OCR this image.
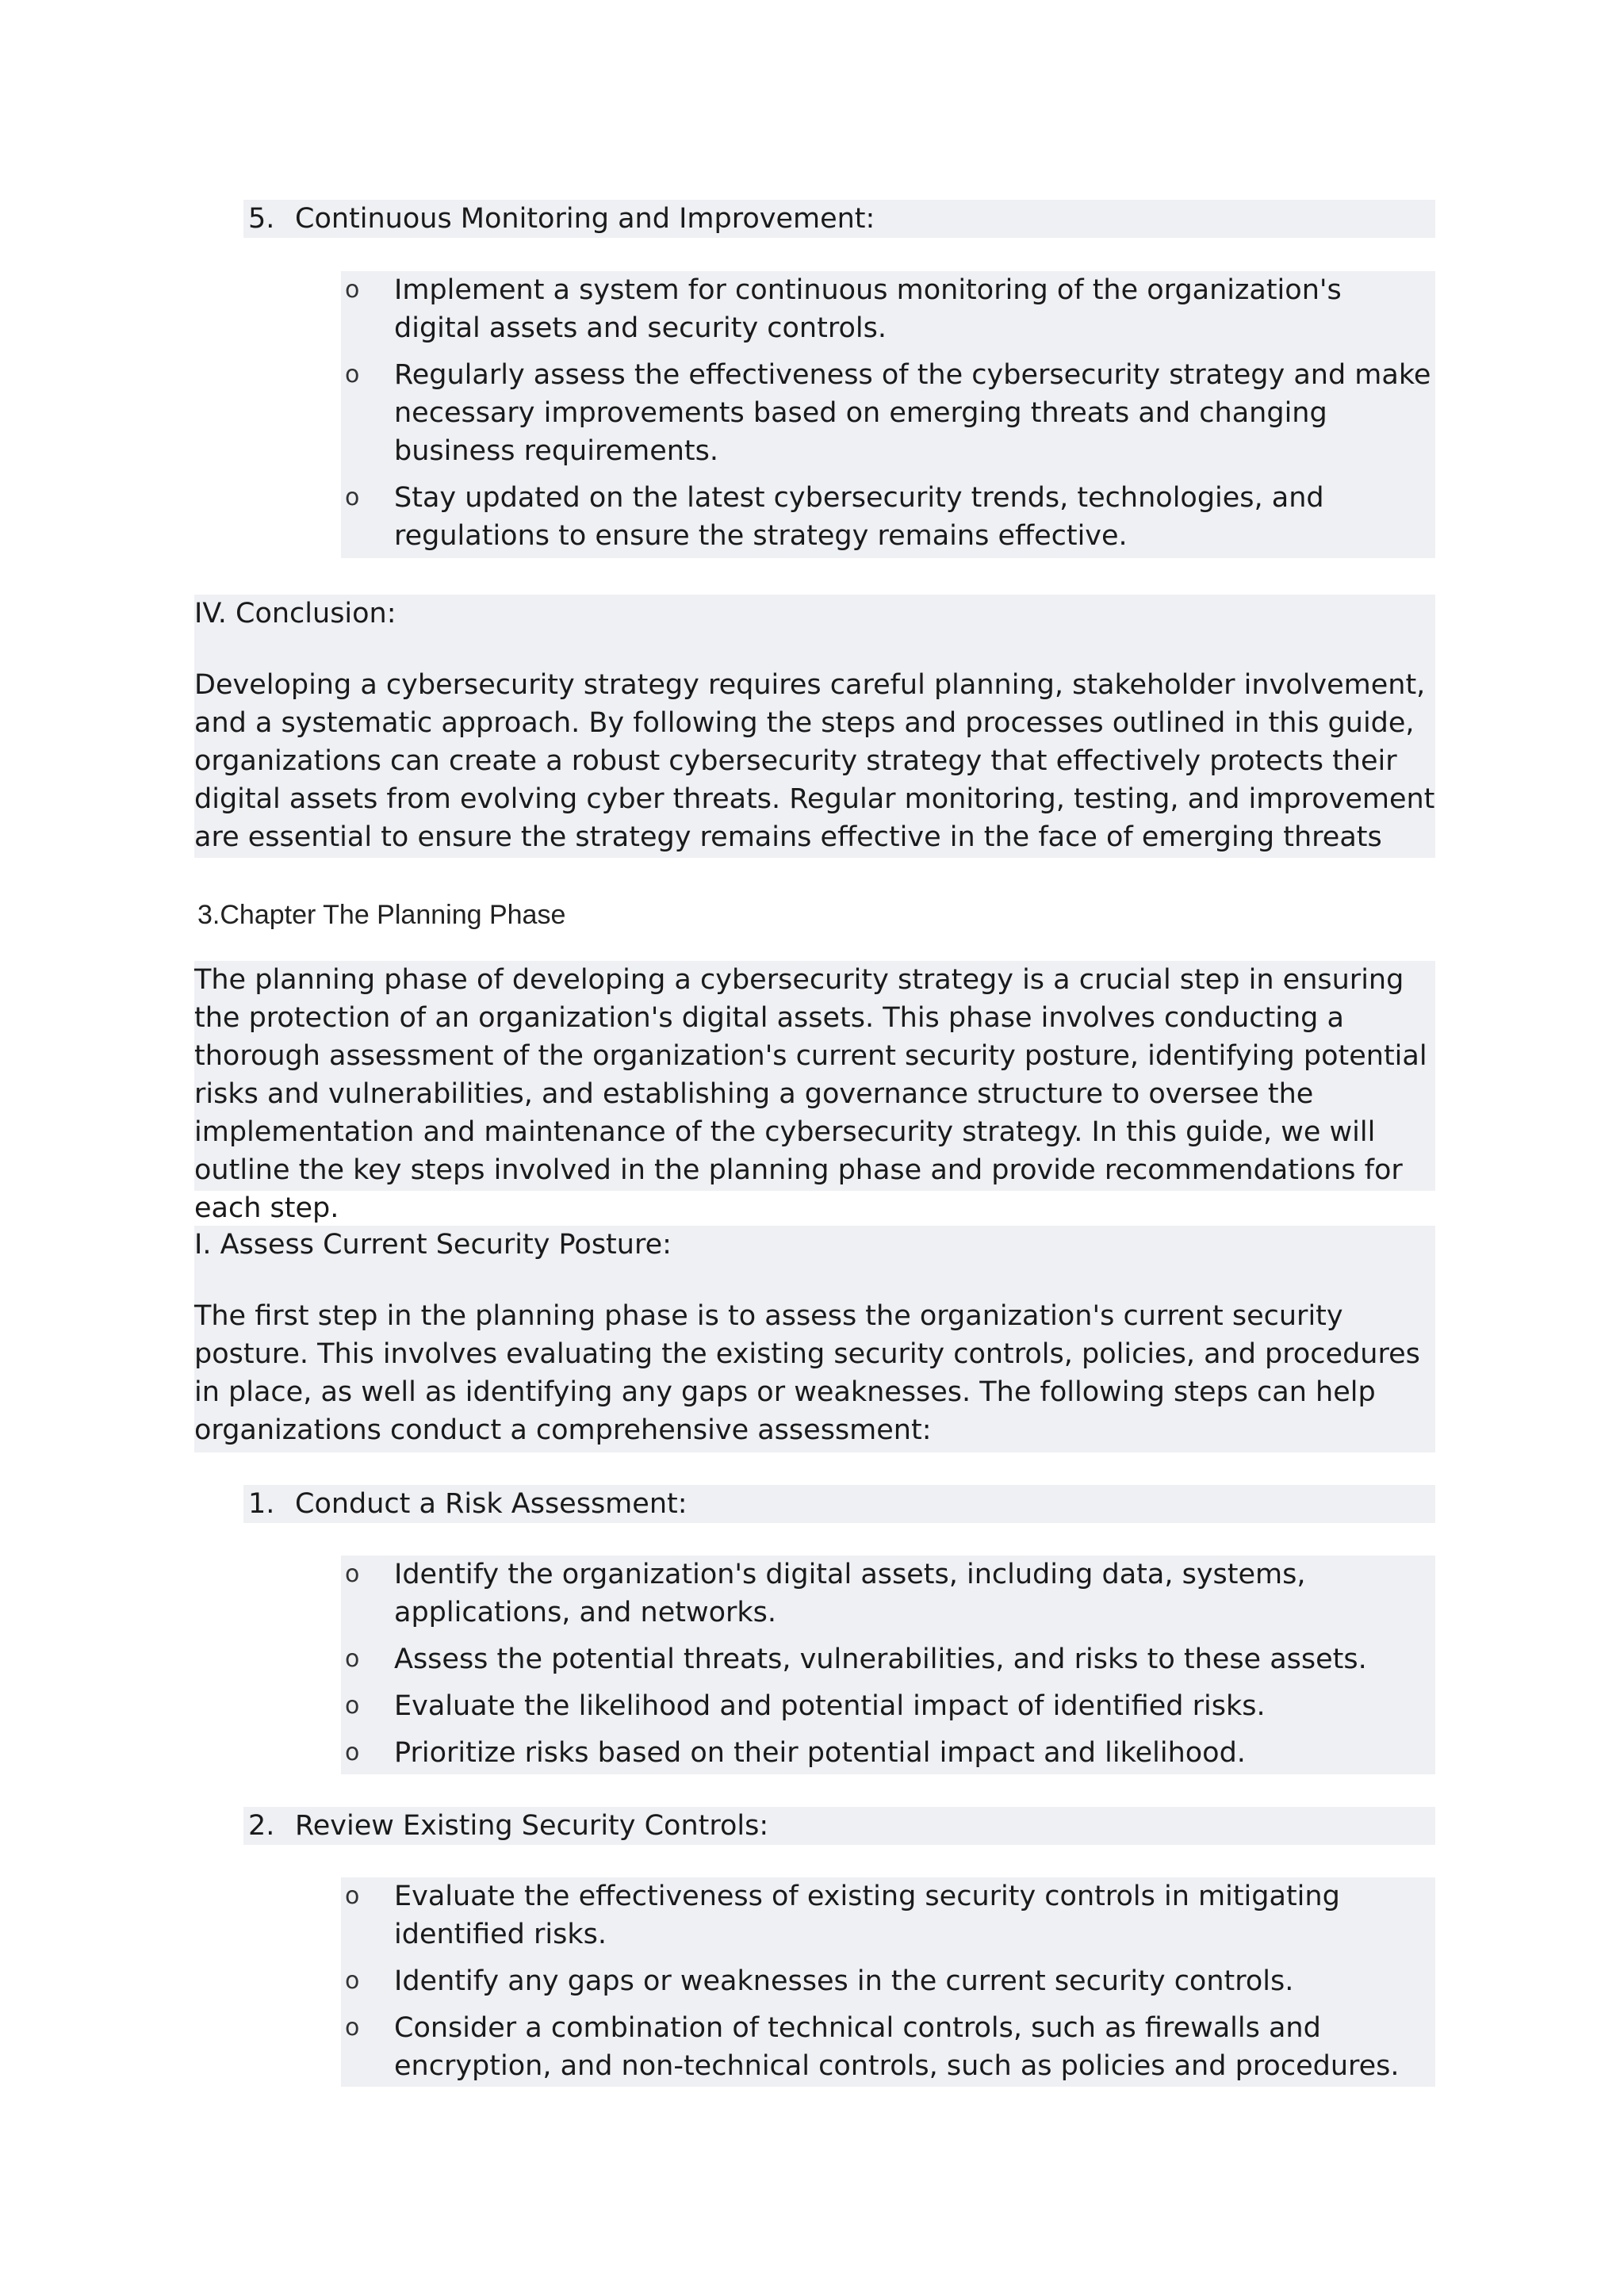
5. Continuous Monitoring and Improvement:
o Implement a system for continuous monitoring of the organization's digital assets and security controls.
o Regularly assess the effectiveness of the cybersecurity strategy and make necessary improvements based on emerging threats and changing business requirements.
o Stay updated on the latest cybersecurity trends, technologies, and regulations to ensure the strategy remains effective.

IV. Conclusion:

Developing a cybersecurity strategy requires careful planning, stakeholder involvement, and a systematic approach. By following the steps and processes outlined in this guide, organizations can create a robust cybersecurity strategy that effectively protects their digital assets from evolving cyber threats. Regular monitoring, testing, and improvement are essential to ensure the strategy remains effective in the face of emerging threats

3.Chapter The Planning Phase

The planning phase of developing a cybersecurity strategy is a crucial step in ensuring the protection of an organization's digital assets. This phase involves conducting a thorough assessment of the organization's current security posture, identifying potential risks and vulnerabilities, and establishing a governance structure to oversee the implementation and maintenance of the cybersecurity strategy. In this guide, we will outline the key steps involved in the planning phase and provide recommendations for each step.

I. Assess Current Security Posture:

The first step in the planning phase is to assess the organization's current security posture. This involves evaluating the existing security controls, policies, and procedures in place, as well as identifying any gaps or weaknesses. The following steps can help organizations conduct a comprehensive assessment:

1. Conduct a Risk Assessment:
o Identify the organization's digital assets, including data, systems, applications, and networks.
o Assess the potential threats, vulnerabilities, and risks to these assets.
o Evaluate the likelihood and potential impact of identified risks.
o Prioritize risks based on their potential impact and likelihood.
2. Review Existing Security Controls:
o Evaluate the effectiveness of existing security controls in mitigating identified risks.
o Identify any gaps or weaknesses in the current security controls.
o Consider a combination of technical controls, such as firewalls and encryption, and non-technical controls, such as policies and procedures.
